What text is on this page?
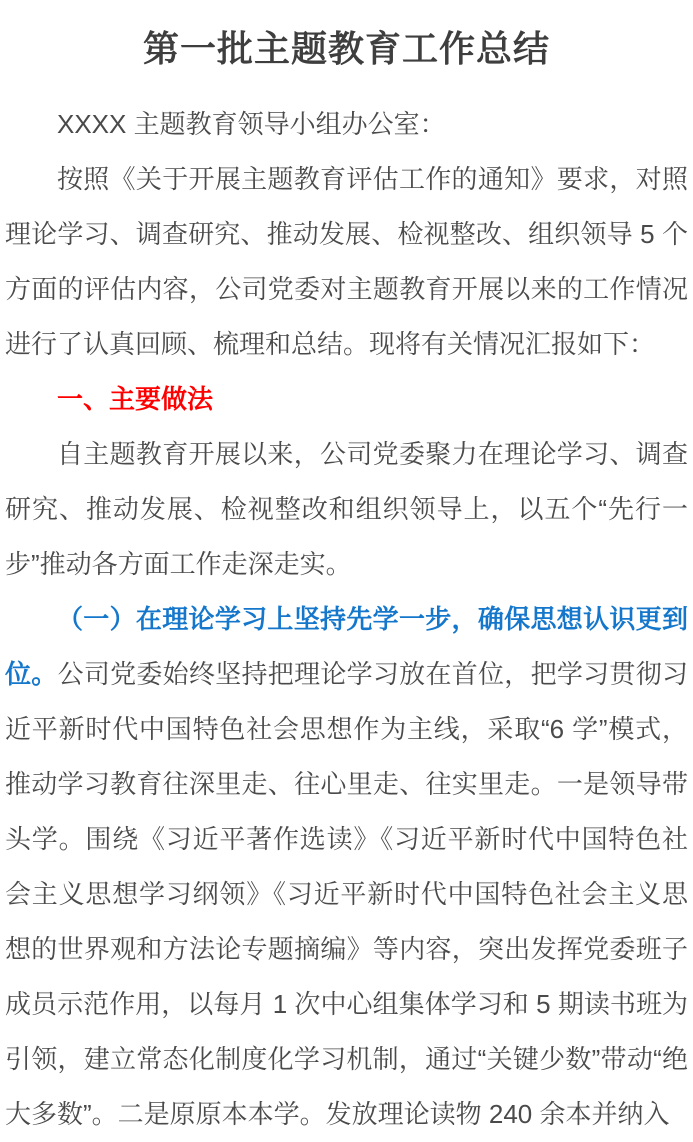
第一批主题教育工作总结

XXXX 主题教育领导小组办公室：

按照《关于开展主题教育评估工作的通知》要求，对照理论学习、调查研究、推动发展、检视整改、组织领导 5 个方面的评估内容，公司党委对主题教育开展以来的工作情况进行了认真回顾、梳理和总结。现将有关情况汇报如下：

一、主要做法

自主题教育开展以来，公司党委聚力在理论学习、调查研究、推动发展、检视整改和组织领导上，以五个“先行一步”推动各方面工作走深走实。

（一）在理论学习上坚持先学一步，确保思想认识更到位。公司党委始终坚持把理论学习放在首位，把学习贯彻习近平新时代中国特色社会思想作为主线，采取“6 学”模式，推动学习教育往深里走、往心里走、往实里走。一是领导带头学。围绕《习近平著作选读》《习近平新时代中国特色社会主义思想学习纲领》《习近平新时代中国特色社会主义思想的世界观和方法论专题摘编》等内容，突出发挥党委班子成员示范作用，以每月 1 次中心组集体学习和 5 期读书班为引领，建立常态化制度化学习机制，通过“关键少数”带动“绝大多数”。二是原原本本学。发放理论读物 240 余本并纳入
